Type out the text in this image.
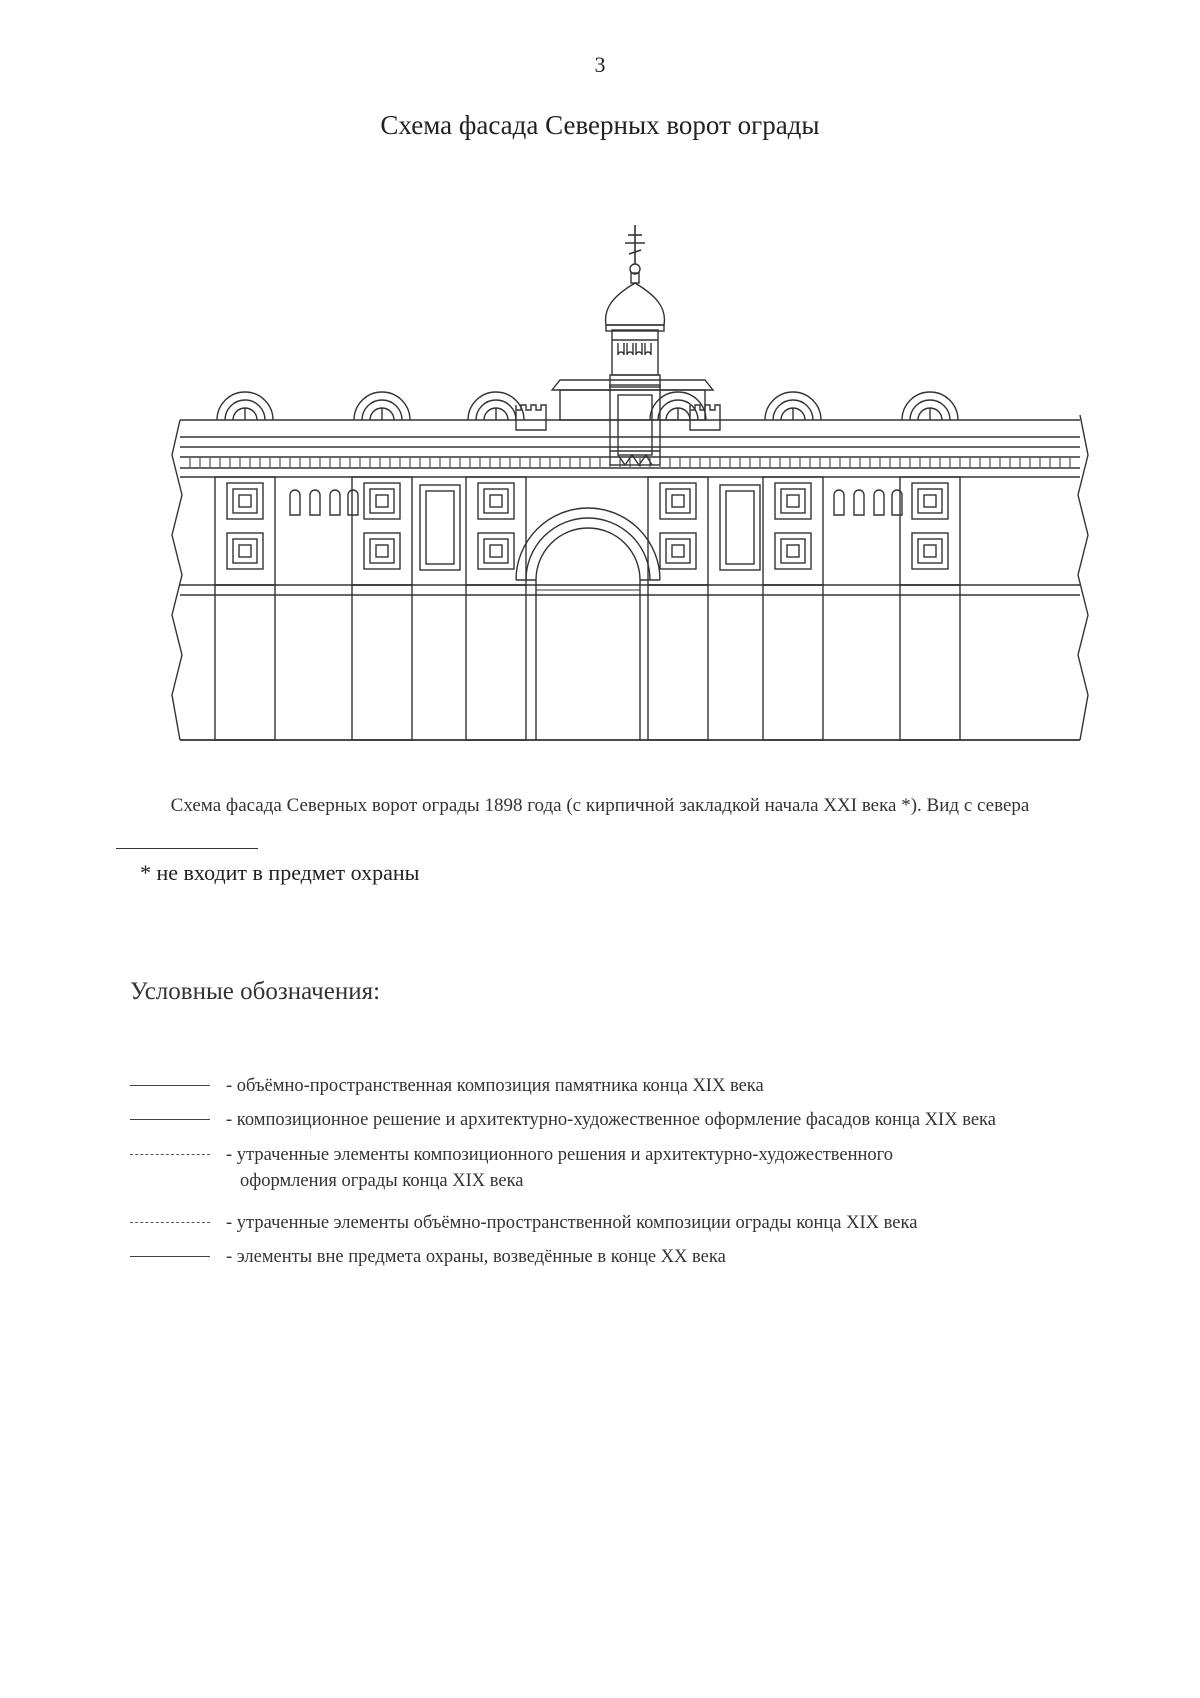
3
Схема фасада Северных ворот ограды
Схема фасада Северных ворот ограды 1898 года (с кирпичной закладкой начала XXI века *). Вид с севера
* не входит в предмет охраны
Условные обозначения:
- объёмно-пространственная композиция памятника конца XIX века
- композиционное решение и архитектурно-художественное оформление фасадов конца XIX века
- утраченные элементы композиционного решения и архитектурно-художественного
оформления ограды конца XIX века
- утраченные элементы объёмно-пространственной композиции ограды конца XIX века
- элементы вне предмета охраны, возведённые в конце XX века
